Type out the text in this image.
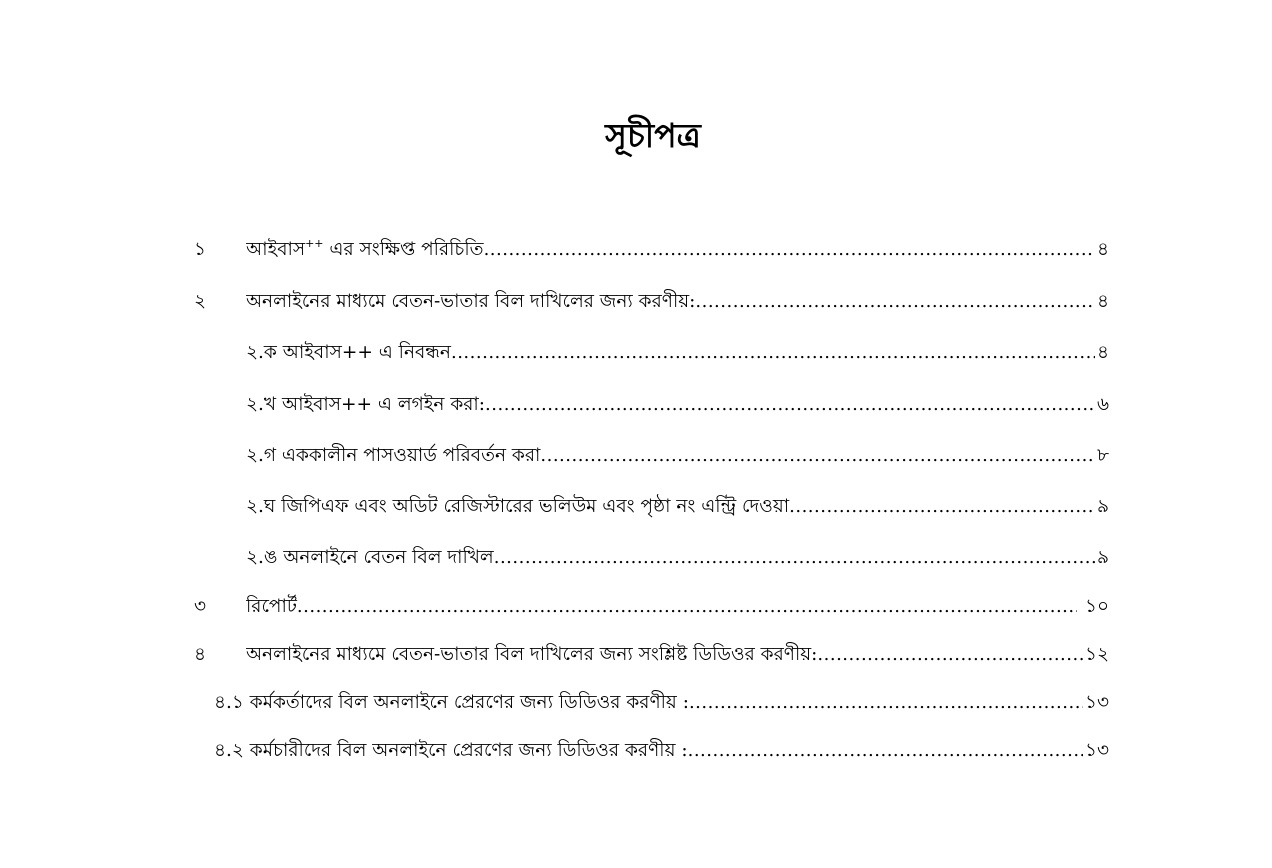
সূচীপত্র
১ আইবাস++ এর সংক্ষিপ্ত পরিচিতি .....	৪
২ অনলাইনের মাধ্যমে বেতন-ভাতার বিল দাখিলের জন্য করণীয়: .....	৪
২.ক আইবাস++ এ নিবন্ধন .....	৪
২.খ আইবাস++ এ লগইন করা: .....	৬
২.গ এককালীন পাসওয়ার্ড পরিবর্তন করা .....	৮
২.ঘ জিপিএফ এবং অডিট রেজিস্টারের ভলিউম এবং পৃষ্ঠা নং এন্ট্রি দেওয়া .....	৯
২.ঙ অনলাইনে বেতন বিল দাখিল .....	৯
৩ রিপোর্ট .....	১০
৪ অনলাইনের মাধ্যমে বেতন-ভাতার বিল দাখিলের জন্য সংশ্লিষ্ট ডিডিওর করণীয়: .....	১২
৪.১ কর্মকর্তাদের বিল অনলাইনে প্রেরণের জন্য ডিডিওর করণীয় : .....	১৩
৪.২ কর্মচারীদের বিল অনলাইনে প্রেরণের জন্য ডিডিওর করণীয় : .....	১৩
